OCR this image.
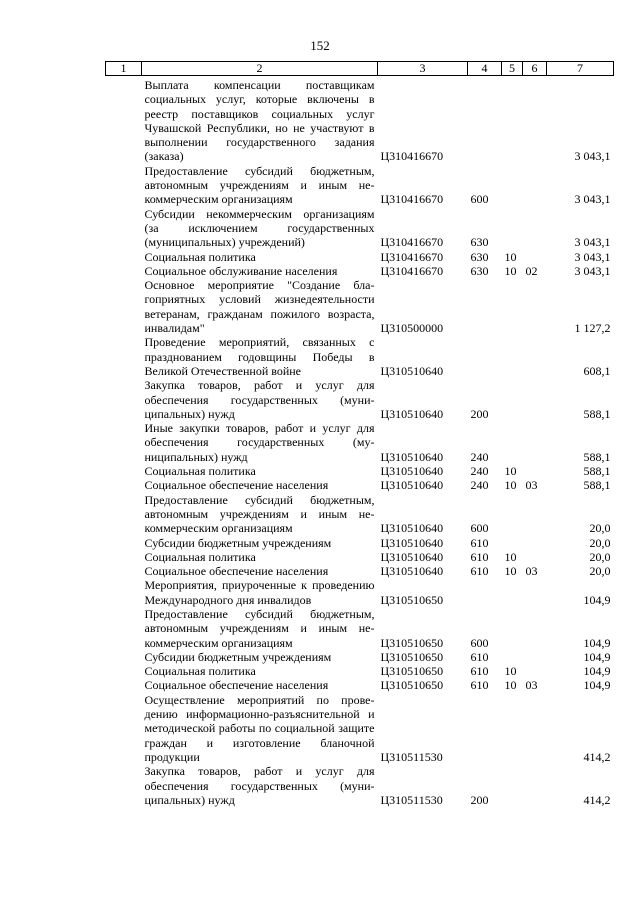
152
1	2	3	4	5	6	7
	Выплата компенсации поставщикам социальных услуг, которые включены в реестр поставщиков социальных услуг Чувашской Республики, но не участвуют в выполнении государственного задания (заказа)	Ц310416670				3 043,1
	Предоставление субсидий бюджетным, автономным учреждениям и иным некоммерческим организациям	Ц310416670	600			3 043,1
	Субсидии некоммерческим организациям (за исключением государственных (муниципальных) учреждений)	Ц310416670	630			3 043,1
	Социальная политика	Ц310416670	630	10		3 043,1
	Социальное обслуживание населения	Ц310416670	630	10	02	3 043,1
	Основное мероприятие "Создание благоприятных условий жизнедеятельности ветеранам, гражданам пожилого возраста, инвалидам"	Ц310500000				1 127,2
	Проведение мероприятий, связанных с празднованием годовщины Победы в Великой Отечественной войне	Ц310510640				608,1
	Закупка товаров, работ и услуг для обеспечения государственных (муниципальных) нужд	Ц310510640	200			588,1
	Иные закупки товаров, работ и услуг для обеспечения государственных (муниципальных) нужд	Ц310510640	240			588,1
	Социальная политика	Ц310510640	240	10		588,1
	Социальное обеспечение населения	Ц310510640	240	10	03	588,1
	Предоставление субсидий бюджетным, автономным учреждениям и иным некоммерческим организациям	Ц310510640	600			20,0
	Субсидии бюджетным учреждениям	Ц310510640	610			20,0
	Социальная политика	Ц310510640	610	10		20,0
	Социальное обеспечение населения	Ц310510640	610	10	03	20,0
	Мероприятия, приуроченные к проведению Международного дня инвалидов	Ц310510650				104,9
	Предоставление субсидий бюджетным, автономным учреждениям и иным некоммерческим организациям	Ц310510650	600			104,9
	Субсидии бюджетным учреждениям	Ц310510650	610			104,9
	Социальная политика	Ц310510650	610	10		104,9
	Социальное обеспечение населения	Ц310510650	610	10	03	104,9
	Осуществление мероприятий по проведению информационно-разъяснительной и методической работы по социальной защите граждан и изготовление бланочной продукции	Ц310511530				414,2
	Закупка товаров, работ и услуг для обеспечения государственных (муниципальных) нужд	Ц310511530	200			414,2
